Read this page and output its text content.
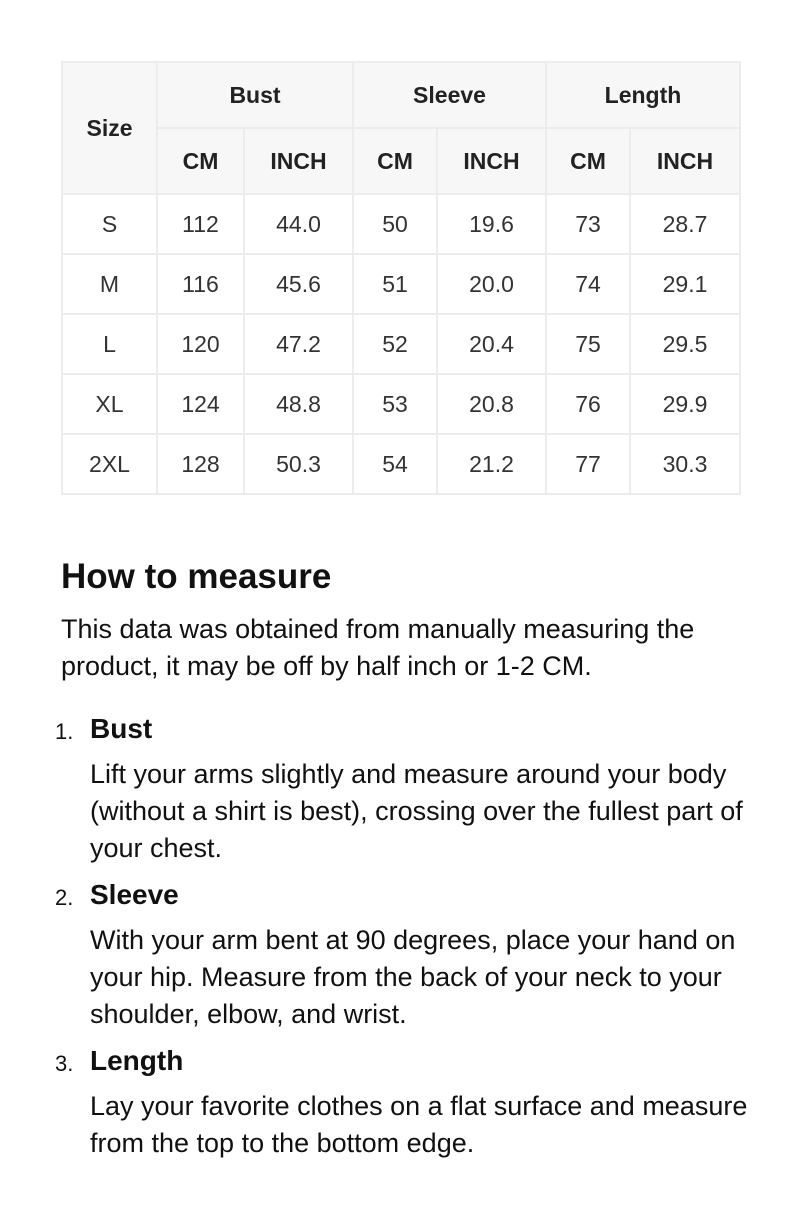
Size	Bust		Sleeve		Length	
	CM	INCH	CM	INCH	CM	INCH
S	112	44.0	50	19.6	73	28.7
M	116	45.6	51	20.0	74	29.1
L	120	47.2	52	20.4	75	29.5
XL	124	48.8	53	20.8	76	29.9
2XL	128	50.3	54	21.2	77	30.3
How to measure

This data was obtained from manually measuring the product, it may be off by half inch or 1-2 CM.

1. Bust

Lift your arms slightly and measure around your body (without a shirt is best), crossing over the fullest part of your chest.

2. Sleeve

With your arm bent at 90 degrees, place your hand on your hip. Measure from the back of your neck to your shoulder, elbow, and wrist.

3. Length

Lay your favorite clothes on a flat surface and measure from the top to the bottom edge.
